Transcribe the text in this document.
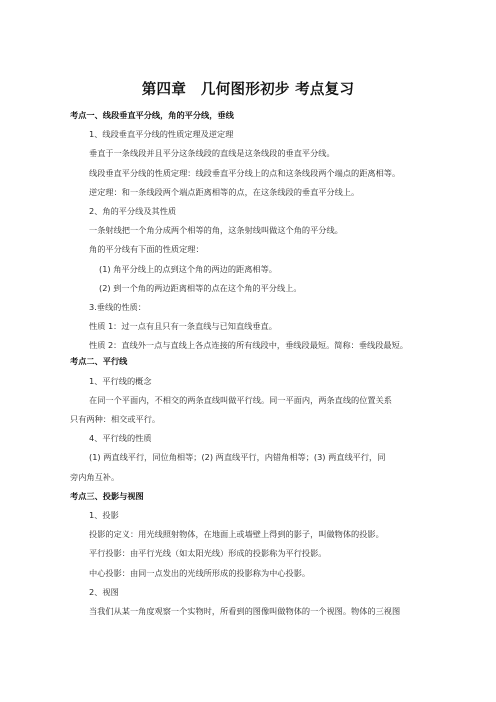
第四章　几何图形初步 考点复习
考点一、线段垂直平分线，角的平分线，垂线
1、线段垂直平分线的性质定理及逆定理
垂直于一条线段并且平分这条线段的直线是这条线段的垂直平分线。
线段垂直平分线的性质定理：线段垂直平分线上的点和这条线段两个端点的距离相等。
逆定理：和一条线段两个端点距离相等的点，在这条线段的垂直平分线上。
2、角的平分线及其性质
一条射线把一个角分成两个相等的角，这条射线叫做这个角的平分线。
角的平分线有下面的性质定理：
(1) 角平分线上的点到这个角的两边的距离相等。
(2) 到一个角的两边距离相等的点在这个角的平分线上。
3.垂线的性质：
性质 1：过一点有且只有一条直线与已知直线垂直。
性质 2：直线外一点与直线上各点连接的所有线段中，垂线段最短。简称：垂线段最短。
考点二、平行线
1、平行线的概念
在同一个平面内，不相交的两条直线叫做平行线。同一平面内，两条直线的位置关系
只有两种：相交或平行。
4、平行线的性质
(1) 两直线平行，同位角相等；(2) 两直线平行，内错角相等；(3) 两直线平行，同
旁内角互补。
考点三、投影与视图
1、投影
投影的定义：用光线照射物体，在地面上或墙壁上得到的影子，叫做物体的投影。
平行投影：由平行光线（如太阳光线）形成的投影称为平行投影。
中心投影：由同一点发出的光线所形成的投影称为中心投影。
2、视图
当我们从某一角度观察一个实物时，所看到的图像叫做物体的一个视图。物体的三视图
